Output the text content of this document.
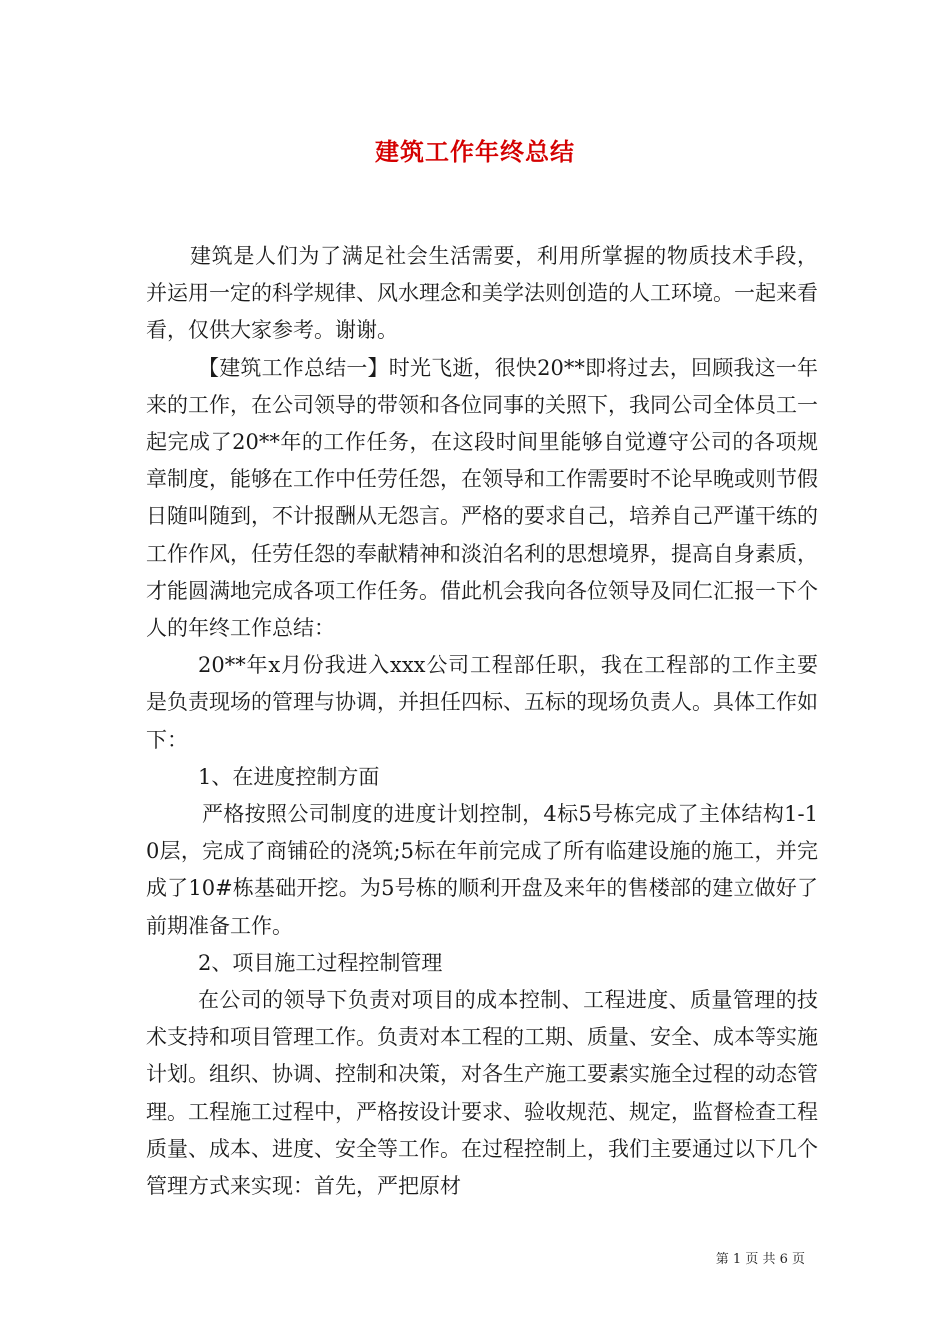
建筑工作年终总结

建筑是人们为了满足社会生活需要，利用所掌握的物质技术手段，并运用一定的科学规律、风水理念和美学法则创造的人工环境。一起来看看，仅供大家参考。谢谢。

【建筑工作总结一】时光飞逝，很快20**即将过去，回顾我这一年来的工作，在公司领导的带领和各位同事的关照下，我同公司全体员工一起完成了20**年的工作任务，在这段时间里能够自觉遵守公司的各项规章制度，能够在工作中任劳任怨，在领导和工作需要时不论早晚或则节假日随叫随到，不计报酬从无怨言。严格的要求自己，培养自己严谨干练的工作作风，任劳任怨的奉献精神和淡泊名利的思想境界，提高自身素质，才能圆满地完成各项工作任务。借此机会我向各位领导及同仁汇报一下个人的年终工作总结：

20**年x月份我进入xxx公司工程部任职，我在工程部的工作主要是负责现场的管理与协调，并担任四标、五标的现场负责人。具体工作如下：

1、在进度控制方面

严格按照公司制度的进度计划控制，4标5号栋完成了主体结构1-10层，完成了商铺砼的浇筑;5标在年前完成了所有临建设施的施工，并完成了10#栋基础开挖。为5号栋的顺利开盘及来年的售楼部的建立做好了前期准备工作。

2、项目施工过程控制管理

在公司的领导下负责对项目的成本控制、工程进度、质量管理的技术支持和项目管理工作。负责对本工程的工期、质量、安全、成本等实施计划。组织、协调、控制和决策，对各生产施工要素实施全过程的动态管理。工程施工过程中，严格按设计要求、验收规范、规定，监督检查工程质量、成本、进度、安全等工作。在过程控制上，我们主要通过以下几个管理方式来实现：首先，严把原材

第 1 页 共 6 页
